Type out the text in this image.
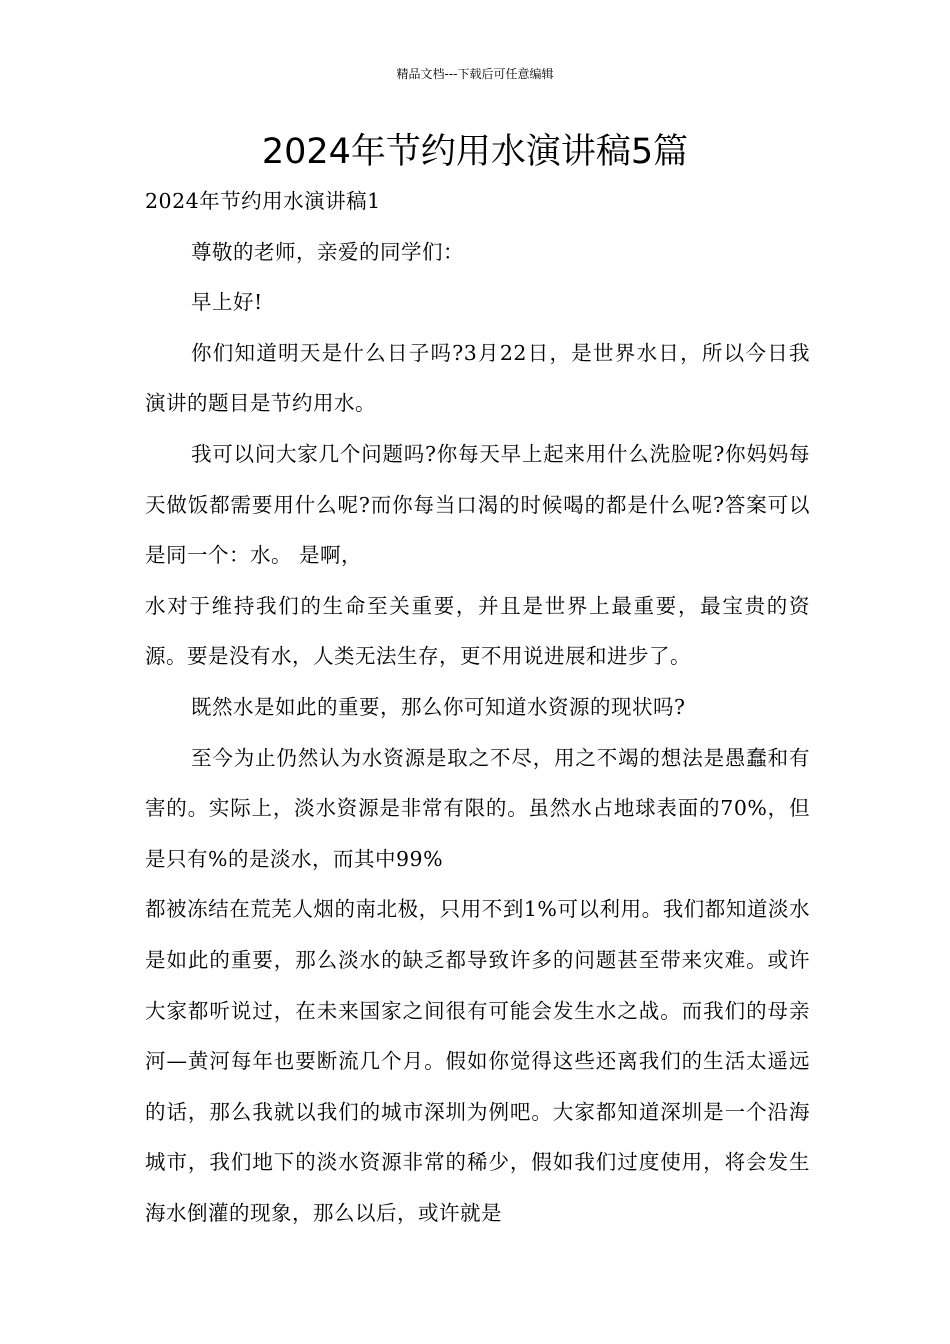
精品文档---下载后可任意编辑
2024年节约用水演讲稿5篇

2024年节约用水演讲稿1

尊敬的老师，亲爱的同学们：

早上好!

你们知道明天是什么日子吗?3月22日，是世界水日，所以今日我演讲的题目是节约用水。

我可以问大家几个问题吗?你每天早上起来用什么洗脸呢?你妈妈每天做饭都需要用什么呢?而你每当口渴的时候喝的都是什么呢?答案可以是同一个：水。 是啊，

水对于维持我们的生命至关重要，并且是世界上最重要，最宝贵的资源。要是没有水，人类无法生存，更不用说进展和进步了。

既然水是如此的重要，那么你可知道水资源的现状吗?

至今为止仍然认为水资源是取之不尽，用之不竭的想法是愚蠢和有害的。实际上，淡水资源是非常有限的。虽然水占地球表面的70%，但是只有%的是淡水，而其中99%

都被冻结在荒芜人烟的南北极，只用不到1%可以利用。我们都知道淡水是如此的重要，那么淡水的缺乏都导致许多的问题甚至带来灾难。或许大家都听说过，在未来国家之间很有可能会发生水之战。而我们的母亲河—黄河每年也要断流几个月。假如你觉得这些还离我们的生活太遥远的话，那么我就以我们的城市深圳为例吧。大家都知道深圳是一个沿海城市，我们地下的淡水资源非常的稀少，假如我们过度使用，将会发生海水倒灌的现象，那么以后，或许就是
